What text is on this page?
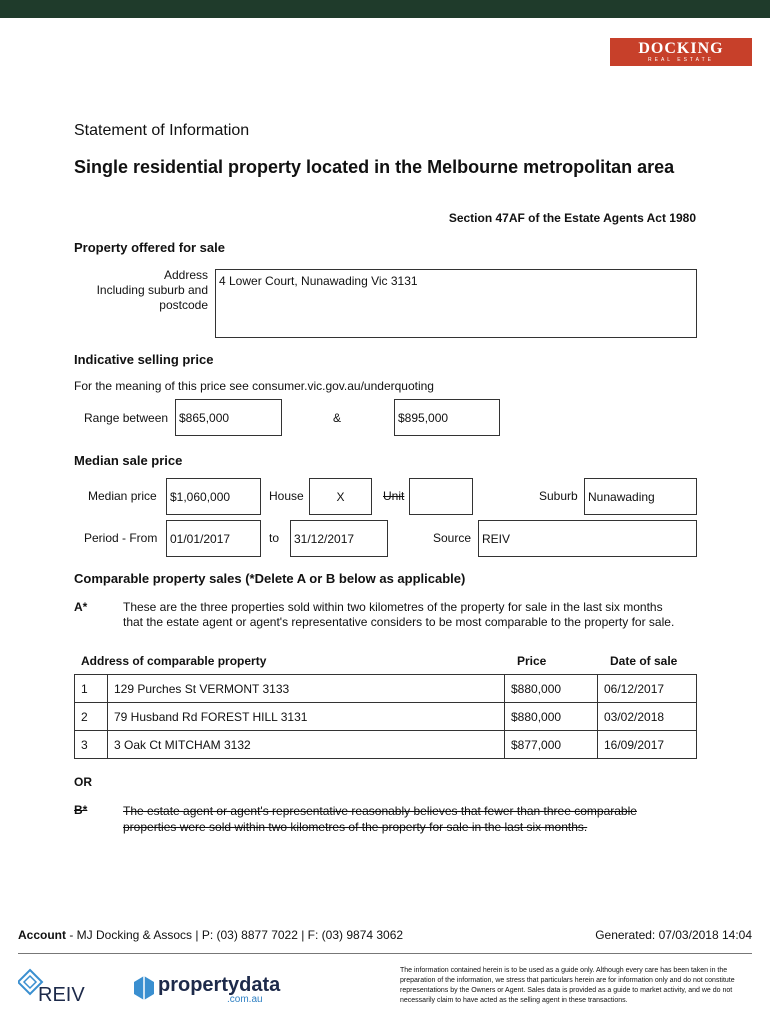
DOCKING
REAL ESTATE
Statement of Information
Single residential property located in the Melbourne metropolitan area
Section 47AF of the Estate Agents Act 1980
Property offered for sale
Address
Including suburb and
postcode
4 Lower Court, Nunawading Vic 3131
Indicative selling price
For the meaning of this price see consumer.vic.gov.au/underquoting
Range between $865,000	&	$895,000
Median sale price
Median price	$1,060,000	House	X	Unit	Suburb Nunawading
Period - From	01/01/2017	to	31/12/2017	Source REIV
Comparable property sales (*Delete A or B below as applicable)
A*	These are the three properties sold within two kilometres of the property for sale in the last six months that the estate agent or agent's representative considers to be most comparable to the property for sale.
Address of comparable property	Price	Date of sale
1	129 Purches St VERMONT 3133	$880,000	06/12/2017
2	79 Husband Rd FOREST HILL 3131	$880,000	03/02/2018
3	3 Oak Ct MITCHAM 3132	$877,000	16/09/2017
OR
B*	The estate agent or agent's representative reasonably believes that fewer than three comparable properties were sold within two kilometres of the property for sale in the last six months.
Account - MJ Docking & Assocs | P: (03) 8877 7022 | F: (03) 9874 3062	Generated: 07/03/2018 14:04
REIV	propertydata
.com.au
The information contained herein is to be used as a guide only. Although every care has been taken in the preparation of the information, we stress that particulars herein are for information only and do not constitute representations by the Owners or Agent. Sales data is provided as a guide to market activity, and we do not necessarily claim to have acted as the selling agent in these transactions.
